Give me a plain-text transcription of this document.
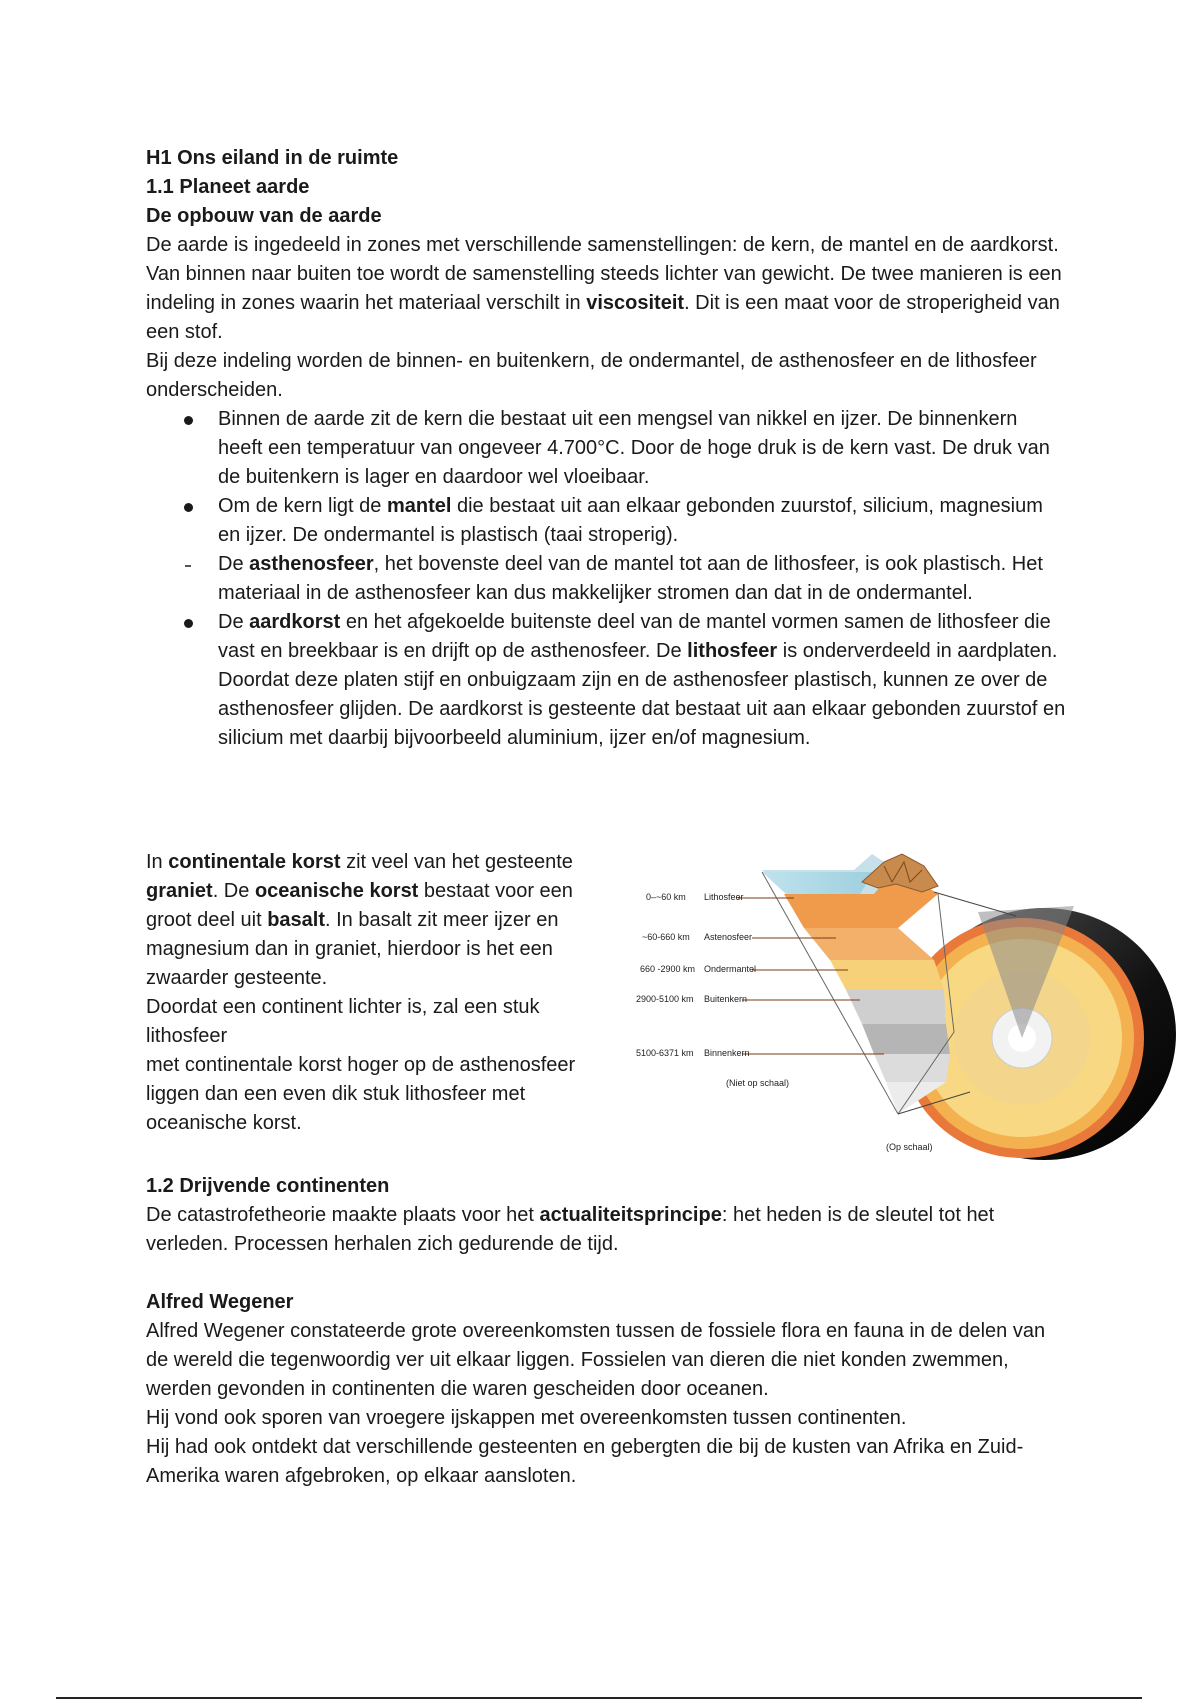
H1 Ons eiland in de ruimte

1.1 Planeet aarde

De opbouw van de aarde

De aarde is ingedeeld in zones met verschillende samenstellingen: de kern, de mantel en de aardkorst. Van binnen naar buiten toe wordt de samenstelling steeds lichter van gewicht. De twee manieren is een indeling in zones waarin het materiaal verschilt in viscositeit. Dit is een maat voor de stroperigheid van een stof.

Bij deze indeling worden de binnen- en buitenkern, de ondermantel, de asthenosfeer en de lithosfeer onderscheiden.

Binnen de aarde zit de kern die bestaat uit een mengsel van nikkel en ijzer. De binnenkern heeft een temperatuur van ongeveer 4.700°C. Door de hoge druk is de kern vast. De druk van de buitenkern is lager en daardoor wel vloeibaar.
Om de kern ligt de mantel die bestaat uit aan elkaar gebonden zuurstof, silicium, magnesium en ijzer. De ondermantel is plastisch (taai stroperig).
De asthenosfeer, het bovenste deel van de mantel tot aan de lithosfeer, is ook plastisch. Het materiaal in de asthenosfeer kan dus makkelijker stromen dan dat in de ondermantel.
De aardkorst en het afgekoelde buitenste deel van de mantel vormen samen de lithosfeer die vast en breekbaar is en drijft op de asthenosfeer. De lithosfeer is onderverdeeld in aardplaten. Doordat deze platen stijf en onbuigzaam zijn en de asthenosfeer plastisch, kunnen ze over de asthenosfeer glijden. De aardkorst is gesteente dat bestaat uit aan elkaar gebonden zuurstof en silicium met daarbij bijvoorbeeld aluminium, ijzer en/of magnesium.

In continentale korst zit veel van het gesteente graniet. De oceanische korst bestaat voor een groot deel uit basalt. In basalt zit meer ijzer en magnesium dan in graniet, hierdoor is het een zwaarder gesteente.

Doordat een continent lichter is, zal een stuk lithosfeer

met continentale korst hoger op de asthenosfeer liggen dan een even dik stuk lithosfeer met oceanische korst.

0–~60 km Lithosfeer
~60-660 km Astenosfeer
660 -2900 km Ondermantel
2900-5100 km Buitenkern
5100-6371 km Binnenkern
(Niet op schaal)
(Op schaal)

1.2 Drijvende continenten

De catastrofetheorie maakte plaats voor het actualiteitsprincipe: het heden is de sleutel tot het verleden. Processen herhalen zich gedurende de tijd.

Alfred Wegener

Alfred Wegener constateerde grote overeenkomsten tussen de fossiele flora en fauna in de delen van de wereld die tegenwoordig ver uit elkaar liggen. Fossielen van dieren die niet konden zwemmen, werden gevonden in continenten die waren gescheiden door oceanen.

Hij vond ook sporen van vroegere ijskappen met overeenkomsten tussen continenten.

Hij had ook ontdekt dat verschillende gesteenten en gebergten die bij de kusten van Afrika en Zuid-Amerika waren afgebroken, op elkaar aansloten.
